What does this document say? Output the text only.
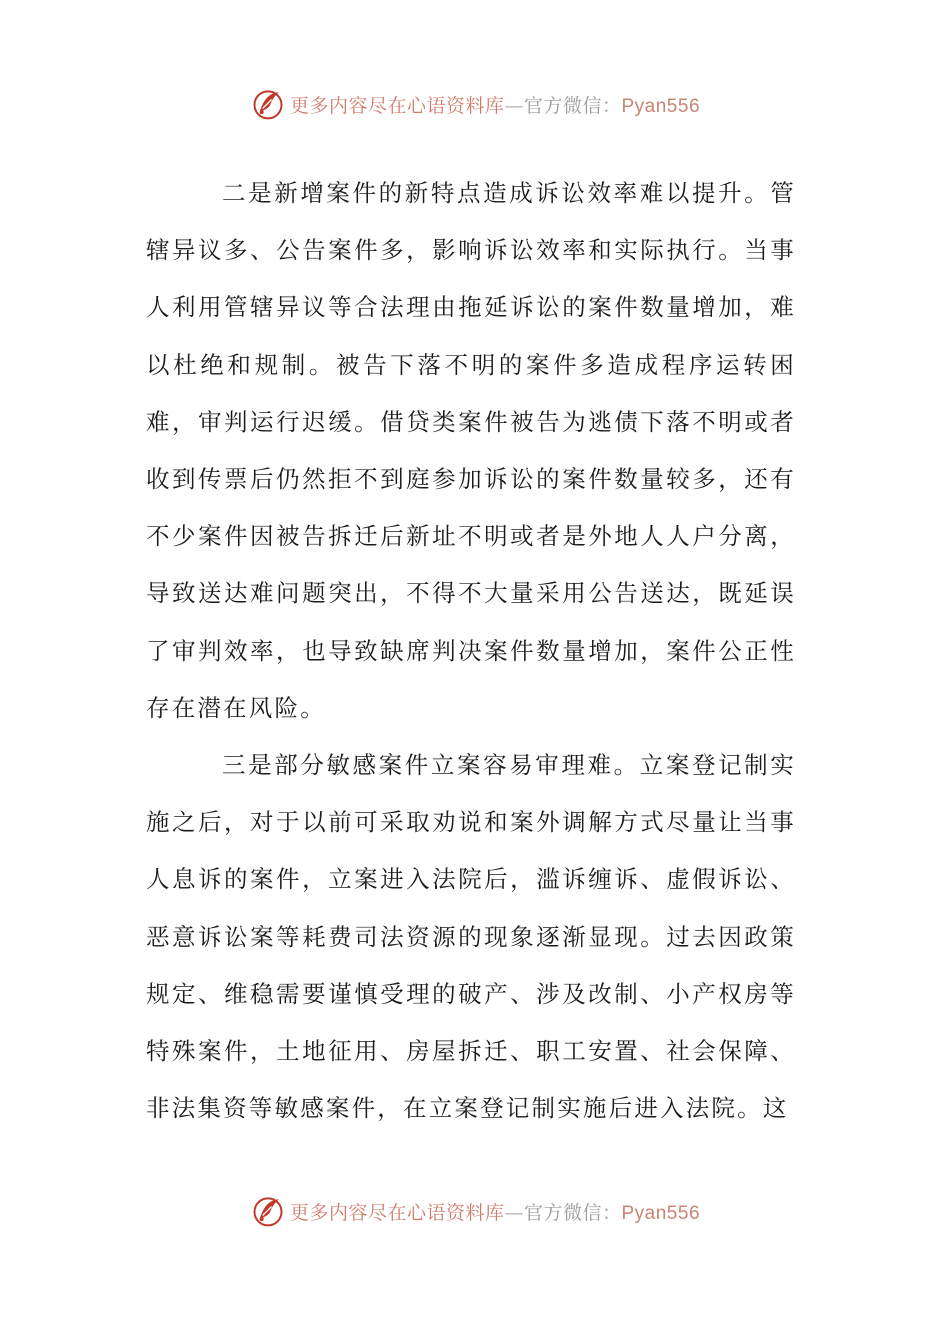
更多内容尽在心语资料库—官方微信：Pyan556

二是新增案件的新特点造成诉讼效率难以提升。管辖异议多、公告案件多，影响诉讼效率和实际执行。当事人利用管辖异议等合法理由拖延诉讼的案件数量增加，难以杜绝和规制。被告下落不明的案件多造成程序运转困难，审判运行迟缓。借贷类案件被告为逃债下落不明或者收到传票后仍然拒不到庭参加诉讼的案件数量较多，还有不少案件因被告拆迁后新址不明或者是外地人人户分离，导致送达难问题突出，不得不大量采用公告送达，既延误了审判效率，也导致缺席判决案件数量增加，案件公正性存在潜在风险。

三是部分敏感案件立案容易审理难。立案登记制实施之后，对于以前可采取劝说和案外调解方式尽量让当事人息诉的案件，立案进入法院后，滥诉缠诉、虚假诉讼、恶意诉讼案等耗费司法资源的现象逐渐显现。过去因政策规定、维稳需要谨慎受理的破产、涉及改制、小产权房等特殊案件，土地征用、房屋拆迁、职工安置、社会保障、非法集资等敏感案件，在立案登记制实施后进入法院。这

更多内容尽在心语资料库—官方微信：Pyan556
